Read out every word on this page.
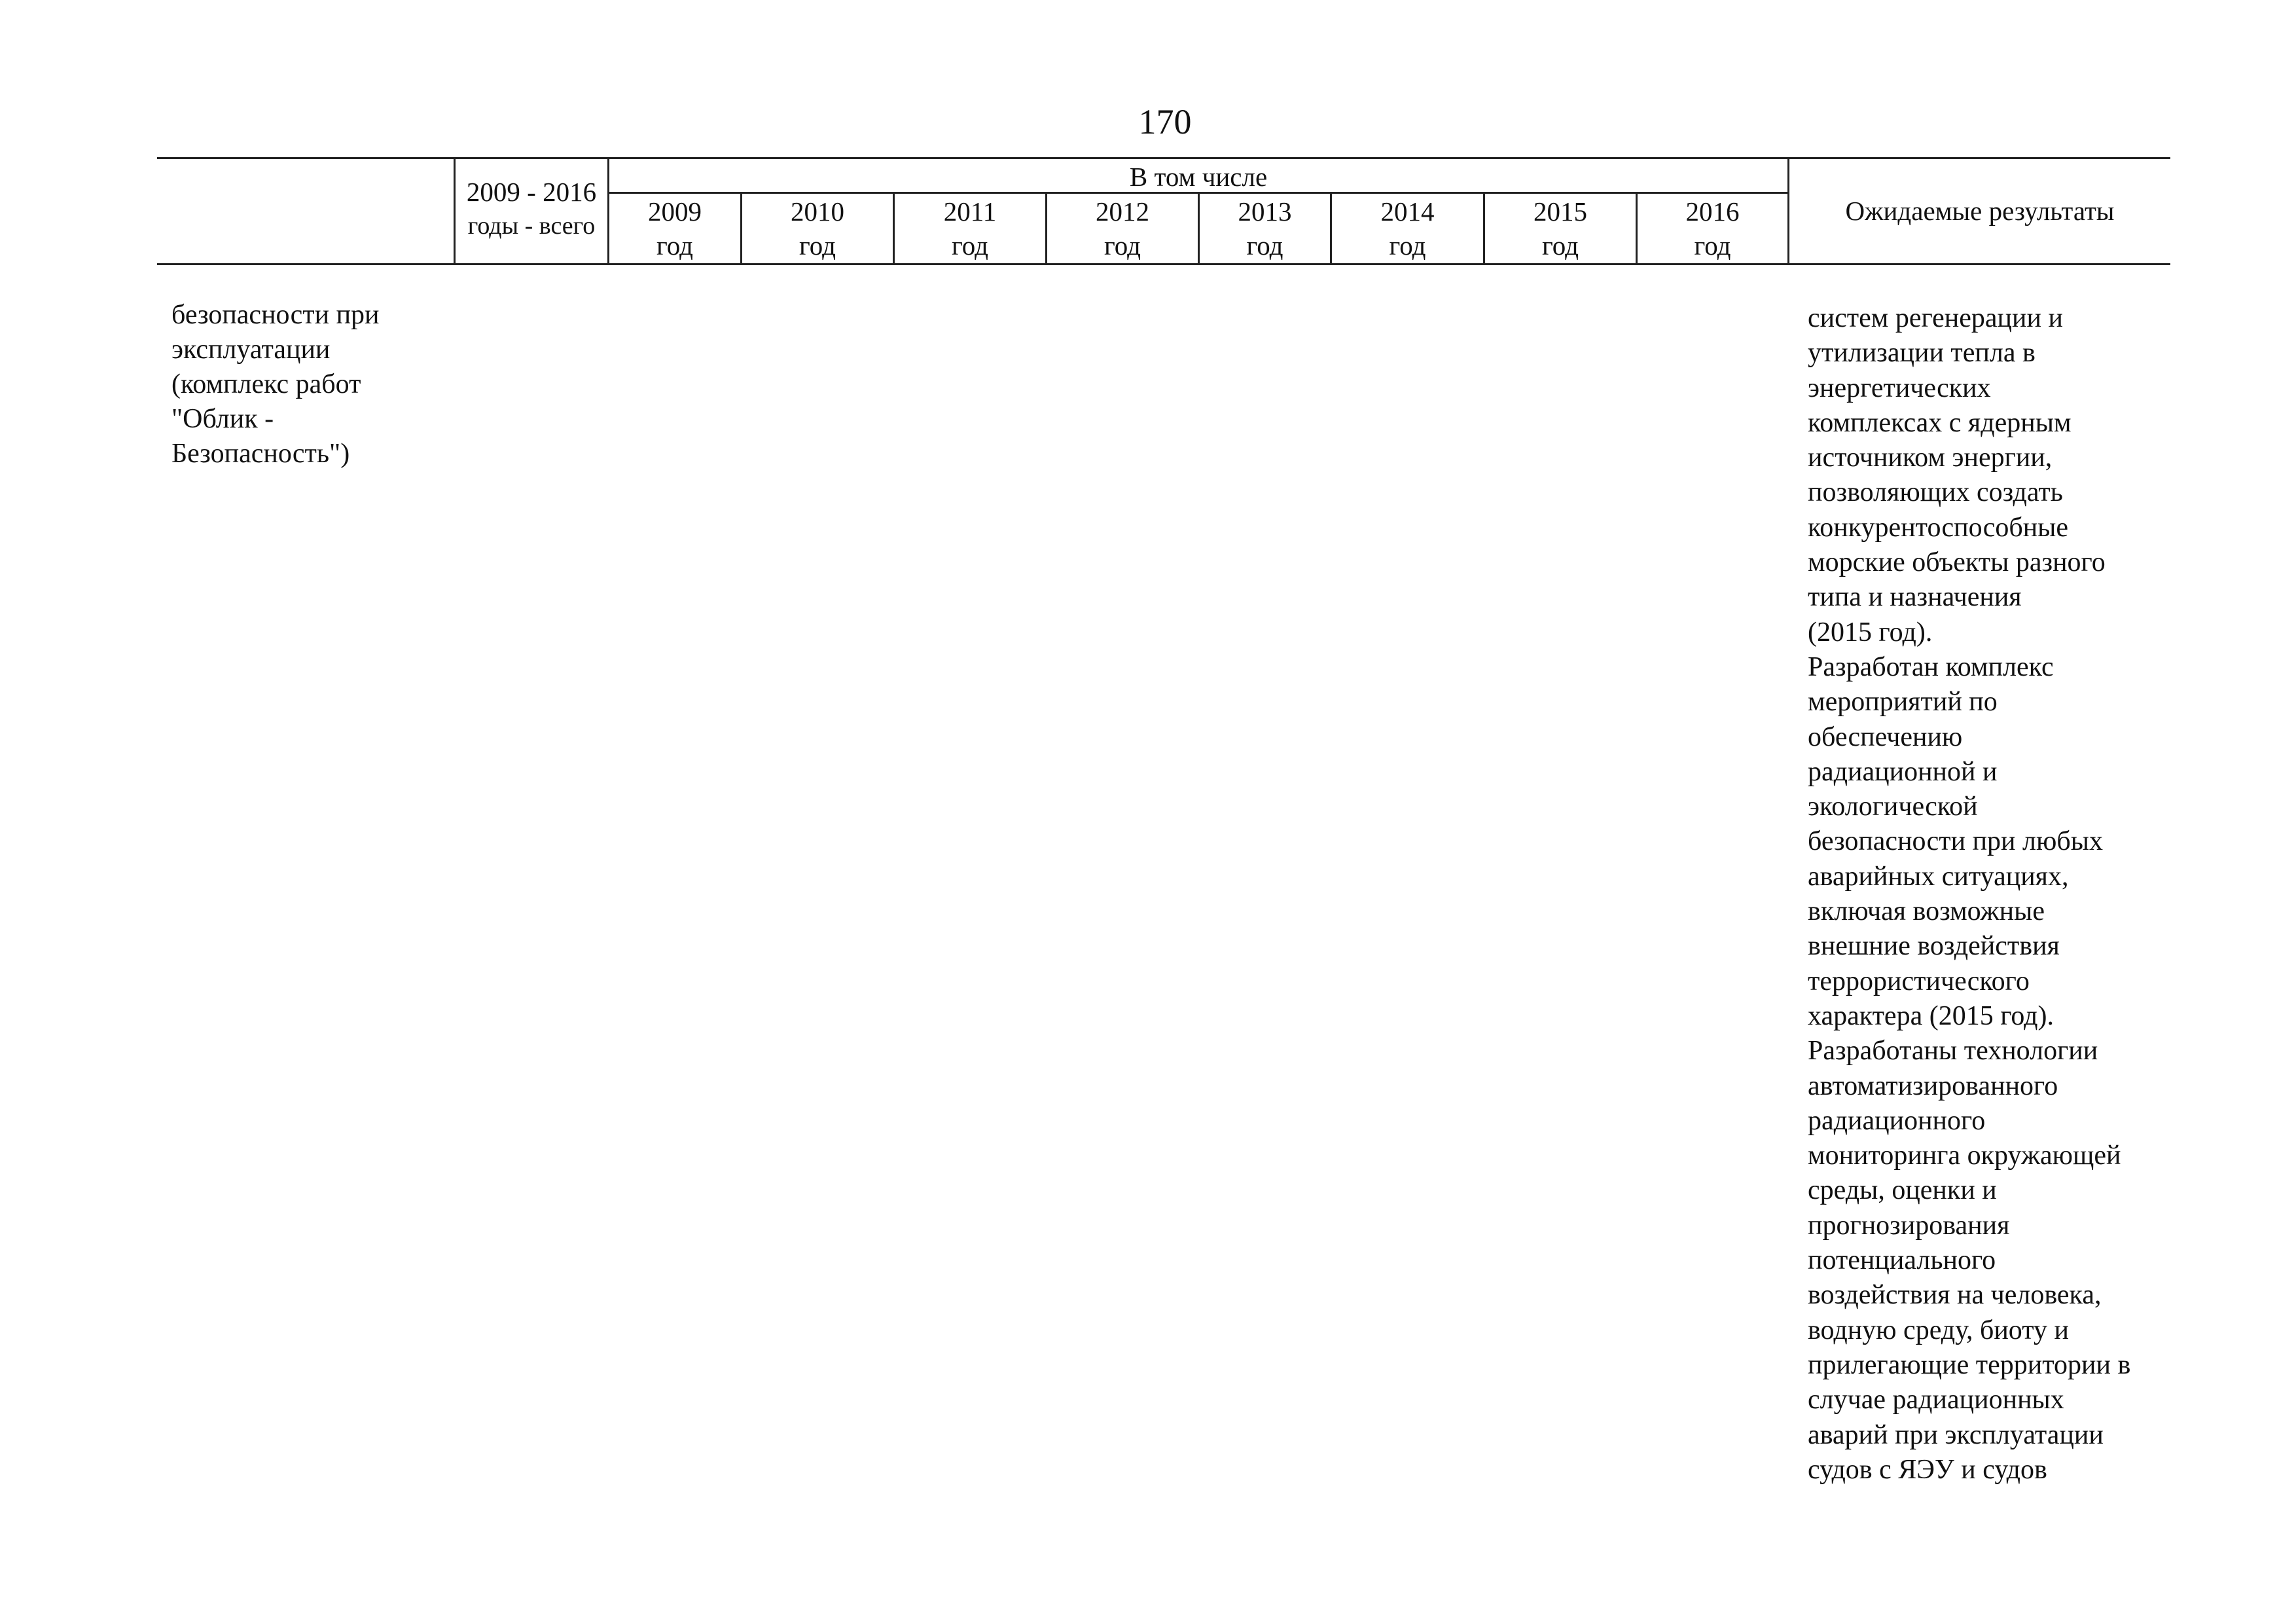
170
2009 - 2016
годы - всего
В том числе
2009
год
2010
год
2011
год
2012
год
2013
год
2014
год
2015
год
2016
год
Ожидаемые результаты
безопасности при
эксплуатации
(комплекс работ
"Облик -
Безопасность")
систем регенерации и
утилизации тепла в
энергетических
комплексах с ядерным
источником энергии,
позволяющих создать
конкурентоспособные
морские объекты разного
типа и назначения
(2015 год).
Разработан комплекс
мероприятий по
обеспечению
радиационной и
экологической
безопасности при любых
аварийных ситуациях,
включая возможные
внешние воздействия
террористического
характера (2015 год).
Разработаны технологии
автоматизированного
радиационного
мониторинга окружающей
среды, оценки и
прогнозирования
потенциального
воздействия на человека,
водную среду, биоту и
прилегающие территории в
случае радиационных
аварий при эксплуатации
судов с ЯЭУ и судов
